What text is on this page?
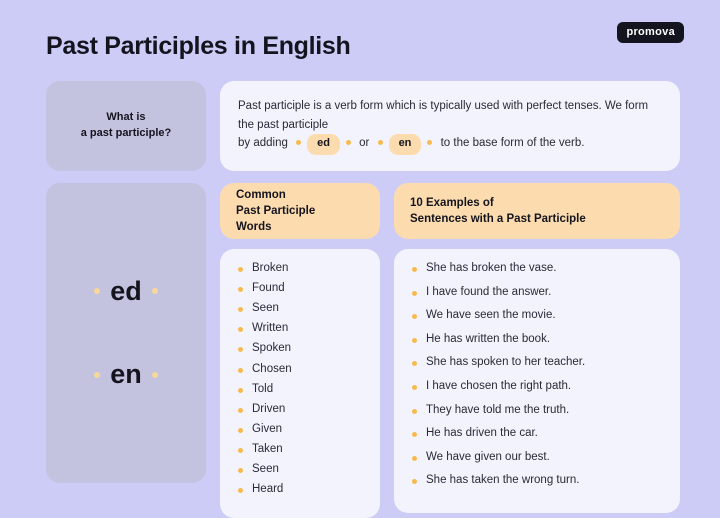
promova
Past Participles in English
What is
a past participle?
Past participle is a verb form which is typically used with perfect tenses. We form the past participle
by adding	ed	or	en	to the base form of the verb.
ed
en
Common
Past Participle
Words
Broken
Found
Seen
Written
Spoken
Chosen
Told
Driven
Given
Taken
Seen
Heard
10 Examples of
Sentences with a Past Participle
She has broken the vase.
I have found the answer.
We have seen the movie.
He has written the book.
She has spoken to her teacher.
I have chosen the right path.
They have told me the truth.
He has driven the car.
We have given our best.
She has taken the wrong turn.
